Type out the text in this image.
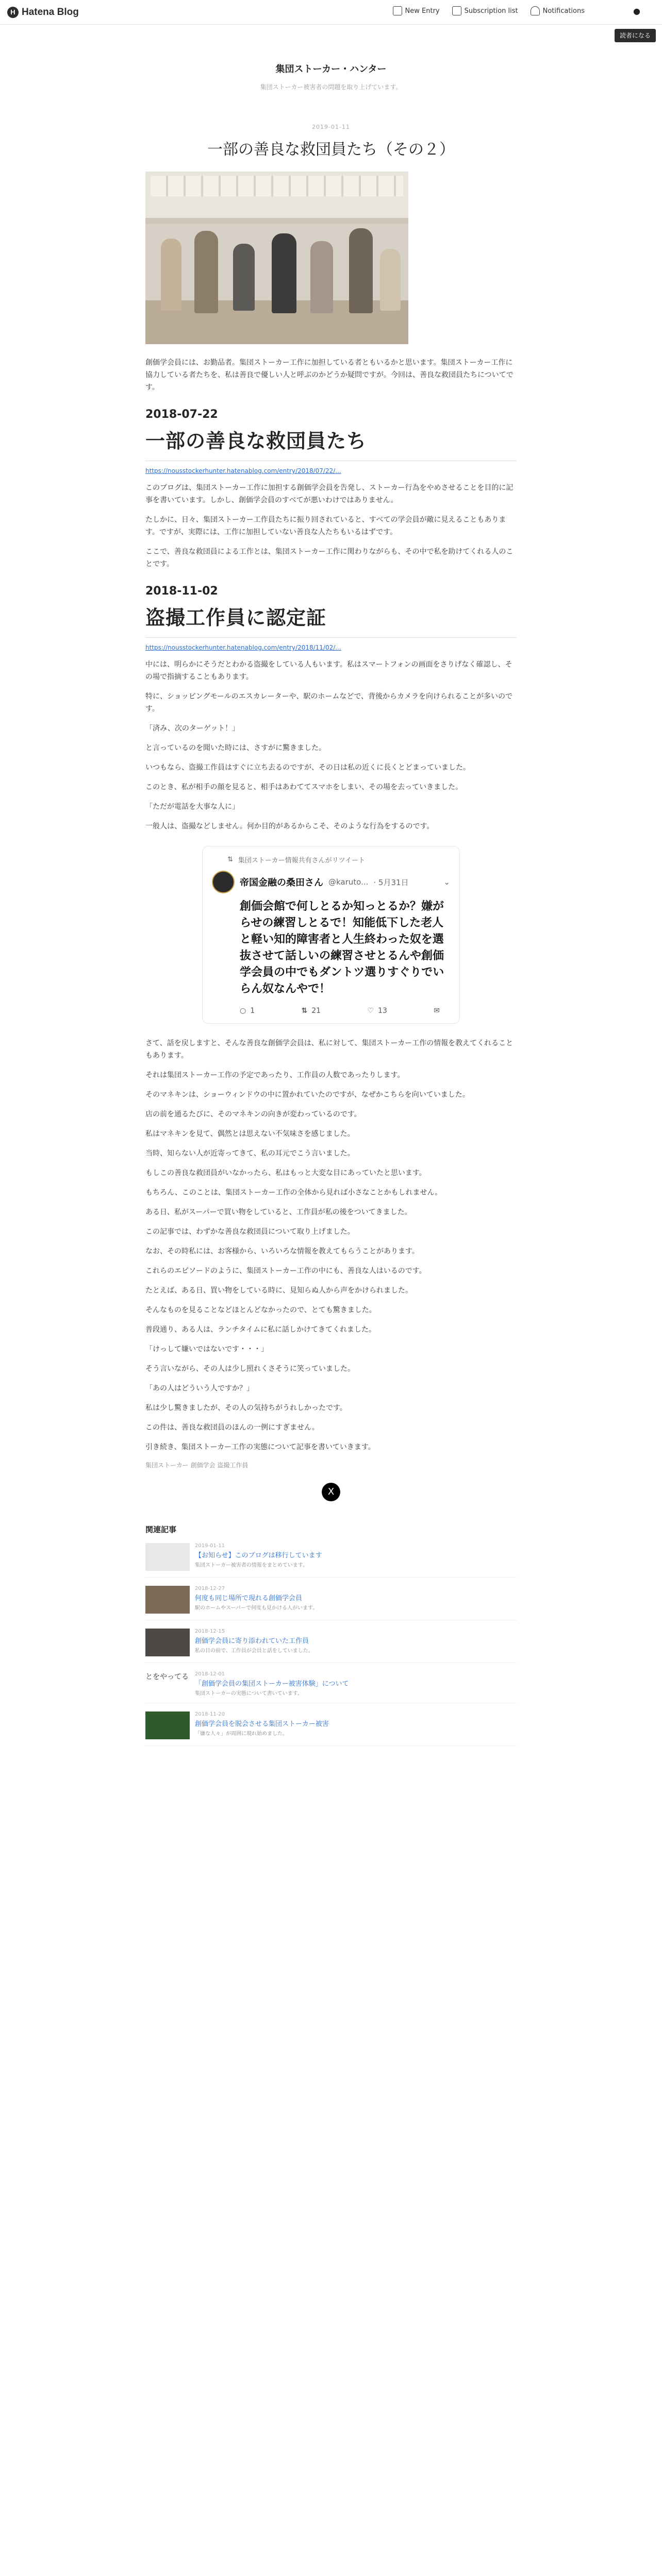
H Hatena Blog	New Entry	Subscription list	Notifications	●
読者になる
集団ストーカー・ハンター
集団ストーカー被害者の問題を取り上げています。
2019-01-11
一部の善良な救団員たち（その２）

創価学会員には、お勤品者。集団ストーカー工作に加担している者ともいるかと思います。集団ストーカー工作に協力している者たちを、私は善良で優しい人と呼ぶのかどうか疑問ですが。今回は、善良な救団員たちについてです。

2018-07-22
一部の善良な救団員たち
https://nousstockerhunter.hatenablog.com/entry/2018/07/22/...

このブログは、集団ストーカー工作に加担する創価学会員を告発し、ストーカー行為をやめさせることを目的に記事を書いています。しかし、創価学会員のすべてが悪いわけではありません。

たしかに、日々、集団ストーカー工作員たちに振り回されていると、すべての学会員が敵に見えることもあります。ですが、実際には、工作に加担していない善良な人たちもいるはずです。

ここで、善良な救団員による工作とは、集団ストーカー工作に関わりながらも、その中で私を助けてくれる人のことです。

2018-11-02
盗撮工作員に認定証
https://nousstockerhunter.hatenablog.com/entry/2018/11/02/...

中には、明らかにそうだとわかる盗撮をしている人もいます。私はスマートフォンの画面をさりげなく確認し、その場で指摘することもあります。

特に、ショッピングモールのエスカレーターや、駅のホームなどで、背後からカメラを向けられることが多いのです。

「済み、次のターゲット！」

と言っているのを聞いた時には、さすがに驚きました。

いつもなら、盗撮工作員はすぐに立ち去るのですが、その日は私の近くに長くとどまっていました。

このとき、私が相手の顔を見ると、相手はあわててスマホをしまい、その場を去っていきました。

「ただが電話を大事な人に」

一般人は、盗撮などしません。何か目的があるからこそ、そのような行為をするのです。

⇅ 集団ストーカー情報共有さんがリツイート
帝国金融の桑田さん @karuto... · 5月31日	⌄
創価会館で何しとるか知っとるか？嫌がらせの練習しとるで！知能低下した老人と軽い知的障害者と人生終わった奴を選抜させて話しいの練習させとるんや創価学会員の中でもダントツ選りすぐりでいらん奴なんやで！
○ 1	⇅ 21	♡ 13	✉

さて、話を戻しますと、そんな善良な創価学会員は、私に対して、集団ストーカー工作の情報を教えてくれることもあります。

それは集団ストーカー工作の予定であったり、工作員の人数であったりします。

そのマネキンは、ショーウィンドウの中に置かれていたのですが、なぜかこちらを向いていました。

店の前を通るたびに、そのマネキンの向きが変わっているのです。

私はマネキンを見て、偶然とは思えない不気味さを感じました。

当時、知らない人が近寄ってきて、私の耳元でこう言いました。

もしこの善良な救団員がいなかったら、私はもっと大変な目にあっていたと思います。

もちろん、このことは、集団ストーカー工作の全体から見れば小さなことかもしれません。

ある日、私がスーパーで買い物をしていると、工作員が私の後をついてきました。

この記事では、わずかな善良な救団員について取り上げました。

なお、その時私には、お客様から、いろいろな情報を教えてもらうことがあります。

これらのエピソードのように、集団ストーカー工作の中にも、善良な人はいるのです。

たとえば、ある日、買い物をしている時に、見知らぬ人から声をかけられました。

そんなものを見ることなどほとんどなかったので、とても驚きました。

普段通り、ある人は、ランチタイムに私に話しかけてきてくれました。

「けっして嫌いではないです・・・」

そう言いながら、その人は少し照れくさそうに笑っていました。

「あの人はどういう人ですか？」

私は少し驚きましたが、その人の気持ちがうれしかったです。

この件は、善良な救団員のほんの一例にすぎません。

引き続き、集団ストーカー工作の実態について記事を書いていきます。

集団ストーカー 創価学会 盗撮工作員
X
関連記事
2019-01-11
【お知らせ】このブログは移行しています
集団ストーカー被害者の情報をまとめています。
2018-12-27
何度も同じ場所で現れる創価学会員
駅のホームやスーパーで何度も見かける人がいます。
2018-12-15
創価学会員に寄り添われていた工作員
私の目の前で、工作員が会員と話をしていました。
とをやってる 2018-12-01
「創価学会員の集団ストーカー被害体験」について
集団ストーカーの実態について書いています。
2018-11-20
創価学会員を脱会させる集団ストーカー被害
「嫌な人々」が周囲に現れ始めました。
